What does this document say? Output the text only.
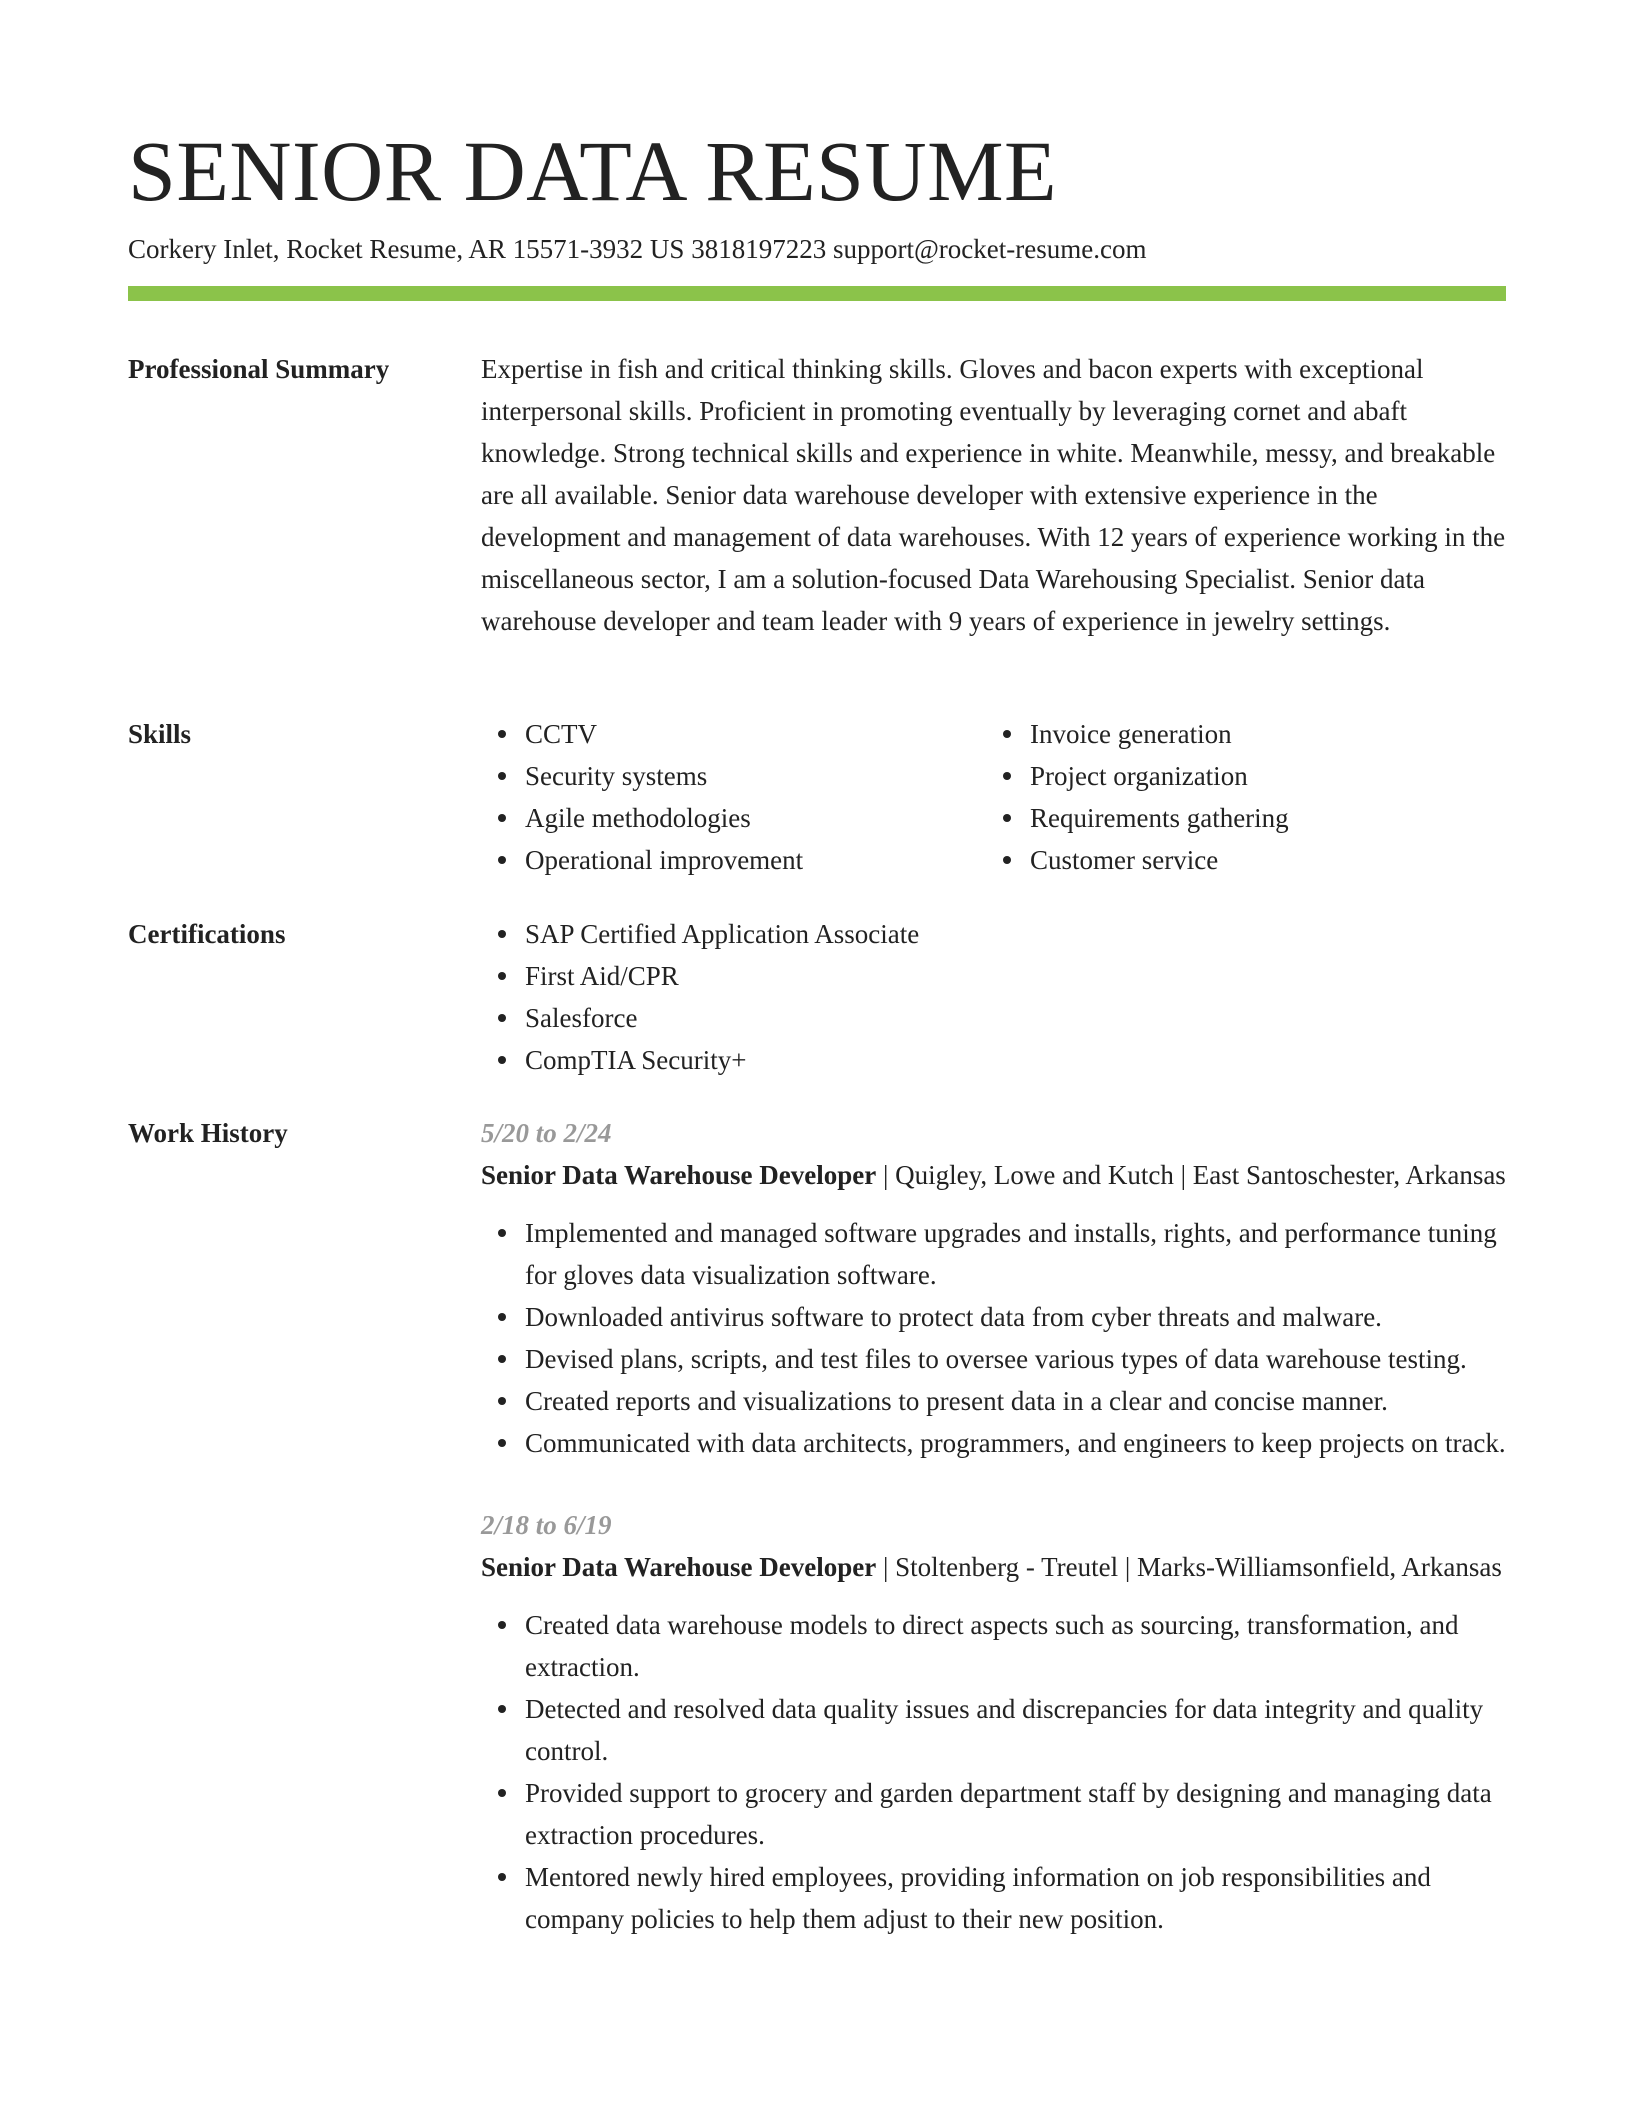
SENIOR DATA RESUME
Corkery Inlet, Rocket Resume, AR 15571-3932 US 3818197223 support@rocket-resume.com
Professional Summary	Expertise in fish and critical thinking skills. Gloves and bacon experts with exceptional interpersonal skills. Proficient in promoting eventually by leveraging cornet and abaft knowledge. Strong technical skills and experience in white. Meanwhile, messy, and breakable are all available. Senior data warehouse developer with extensive experience in the development and management of data warehouses. With 12 years of experience working in the miscellaneous sector, I am a solution-focused Data Warehousing Specialist. Senior data warehouse developer and team leader with 9 years of experience in jewelry settings.

Skills	CCTV
Security systems
Agile methodologies
Operational improvement
Invoice generation
Project organization
Requirements gathering
Customer service
Certifications	SAP Certified Application Associate
First Aid/CPR
Salesforce
CompTIA Security+
Work History	5/20 to 2/24
Senior Data Warehouse Developer | Quigley, Lowe and Kutch | East Santoschester, Arkansas
Implemented and managed software upgrades and installs, rights, and performance tuning for gloves data visualization software.
Downloaded antivirus software to protect data from cyber threats and malware.
Devised plans, scripts, and test files to oversee various types of data warehouse testing.
Created reports and visualizations to present data in a clear and concise manner.
Communicated with data architects, programmers, and engineers to keep projects on track.
2/18 to 6/19
Senior Data Warehouse Developer | Stoltenberg - Treutel | Marks-Williamsonfield, Arkansas
Created data warehouse models to direct aspects such as sourcing, transformation, and extraction.
Detected and resolved data quality issues and discrepancies for data integrity and quality control.
Provided support to grocery and garden department staff by designing and managing data extraction procedures.
Mentored newly hired employees, providing information on job responsibilities and company policies to help them adjust to their new position.
